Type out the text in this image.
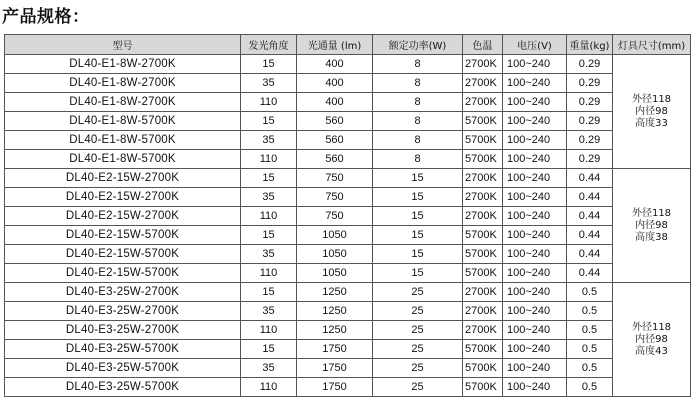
产品规格：
型号	发光角度	光通量 (lm)	额定功率(W)	色温	电压(V)	重量(kg)	灯具尺寸(mm)
DL40-E1-8W-2700K	15	400	8	2700K	100~240	0.29	外径118
内径98
高度33

DL40-E1-8W-2700K	35	400	8	2700K	100~240	0.29	
DL40-E1-8W-2700K	110	400	8	2700K	100~240	0.29	
DL40-E1-8W-5700K	15	560	8	5700K	100~240	0.29	
DL40-E1-8W-5700K	35	560	8	5700K	100~240	0.29	
DL40-E1-8W-5700K	110	560	8	5700K	100~240	0.29	
DL40-E2-15W-2700K	15	750	15	2700K	100~240	0.44	外径118
内径98
高度38

DL40-E2-15W-2700K	35	750	15	2700K	100~240	0.44	
DL40-E2-15W-2700K	110	750	15	2700K	100~240	0.44	
DL40-E2-15W-5700K	15	1050	15	5700K	100~240	0.44	
DL40-E2-15W-5700K	35	1050	15	5700K	100~240	0.44	
DL40-E2-15W-5700K	110	1050	15	5700K	100~240	0.44	
DL40-E3-25W-2700K	15	1250	25	2700K	100~240	0.5	外径118
内径98
高度43

DL40-E3-25W-2700K	35	1250	25	2700K	100~240	0.5	
DL40-E3-25W-2700K	110	1250	25	2700K	100~240	0.5	
DL40-E3-25W-5700K	15	1750	25	5700K	100~240	0.5	
DL40-E3-25W-5700K	35	1750	25	5700K	100~240	0.5	
DL40-E3-25W-5700K	110	1750	25	5700K	100~240	0.5	
